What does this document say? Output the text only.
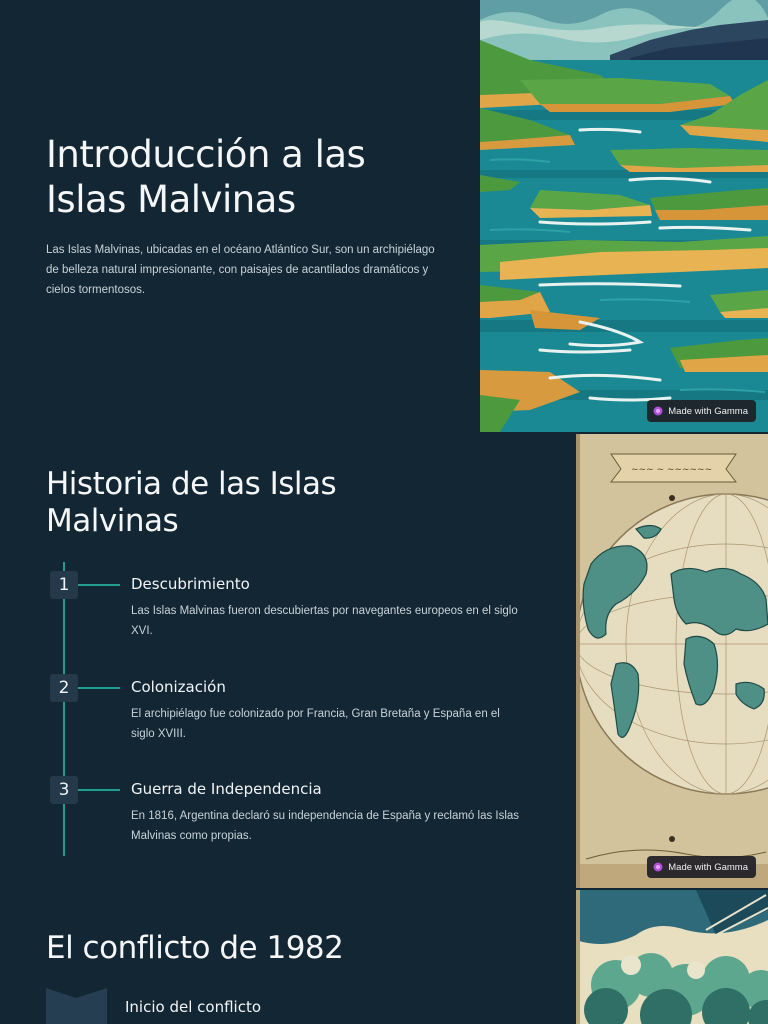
Introducción a las Islas Malvinas

Las Islas Malvinas, ubicadas en el océano Atlántico Sur, son un archipiélago de belleza natural impresionante, con paisajes de acantilados dramáticos y cielos tormentosos.

Made with Gamma
Historia de las Islas Malvinas
1	Descubrimiento
Las Islas Malvinas fueron descubiertas por navegantes europeos en el siglo XVI.
2	Colonización
El archipiélago fue colonizado por Francia, Gran Bretaña y España en el siglo XVIII.
3	Guerra de Independencia
En 1816, Argentina declaró su independencia de España y reclamó las Islas Malvinas como propias.
~~~ ~ ~~~~~~
Made with Gamma
El conflicto de 1982
Inicio del conflicto
